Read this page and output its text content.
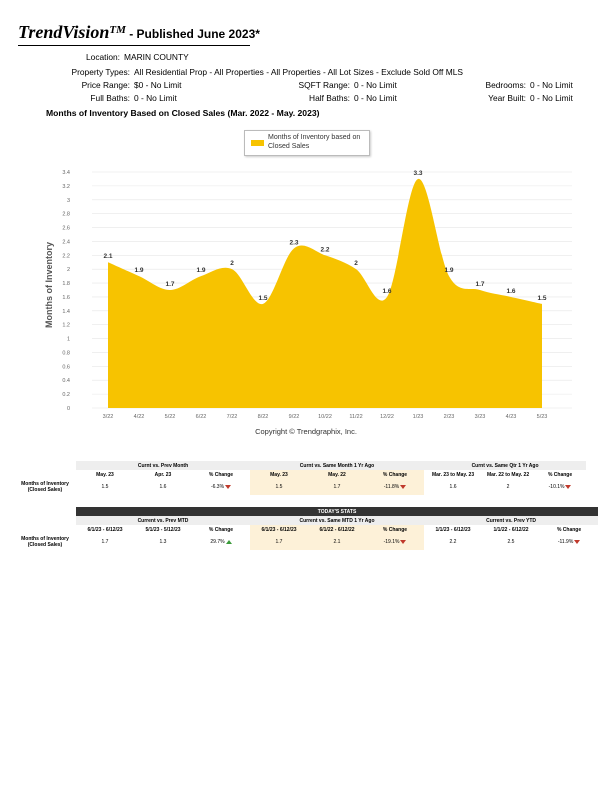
TrendVisionTM - Published June 2023*
Location: MARIN COUNTY
Property Types: All Residential Prop - All Properties - All Properties - All Lot Sizes - Exclude Sold Off MLS
Price Range: $0 - No Limit	SQFT Range: 0 - No Limit	Bedrooms: 0 - No Limit
Full Baths: 0 - No Limit	Half Baths: 0 - No Limit	Year Built: 0 - No Limit
Months of Inventory Based on Closed Sales (Mar. 2022 - May. 2023)
0
0.2
0.4
0.6
0.8
1
1.2
1.4
1.6
1.8
2
2.2
2.4
2.6
2.8
3
3.2
3.4
3/22	4/22	5/22	6/22	7/22	8/22	9/22	10/22	11/22	12/22	1/23	2/23	3/23	4/23	5/23
2.1
1.9
1.7
1.9
2
1.5
2.3
2.2
2
1.6
3.3
1.9
1.7
1.6
1.5
Months of Inventory
Months of Inventory based on Closed Sales
Copyright © Trendgraphix, Inc.
	Curnt vs. Prev Month			Curnt vs. Same Month 1 Yr Ago			Curnt vs. Same Qtr 1 Yr Ago		
	May. 23	Apr. 23	% Change	May. 23	May. 22	% Change	Mar. 23 to May. 23	Mar. 22 to May. 22	% Change
Months of Inventory (Closed Sales)	1.5	1.6	-6.3%	1.5	1.7	-11.8%	1.6	2	-10.1%
	TODAY'S STATS								
	Current vs. Prev MTD			Current vs. Same MTD 1 Yr Ago			Current vs. Prev YTD		
	6/1/23 - 6/12/23	5/1/23 - 5/12/23	% Change	6/1/23 - 6/12/23	6/1/22 - 6/12/22	% Change	1/1/23 - 6/12/23	1/1/22 - 6/12/22	% Change
Months of Inventory (Closed Sales)	1.7	1.3	29.7%	1.7	2.1	-19.1%	2.2	2.5	-11.9%
